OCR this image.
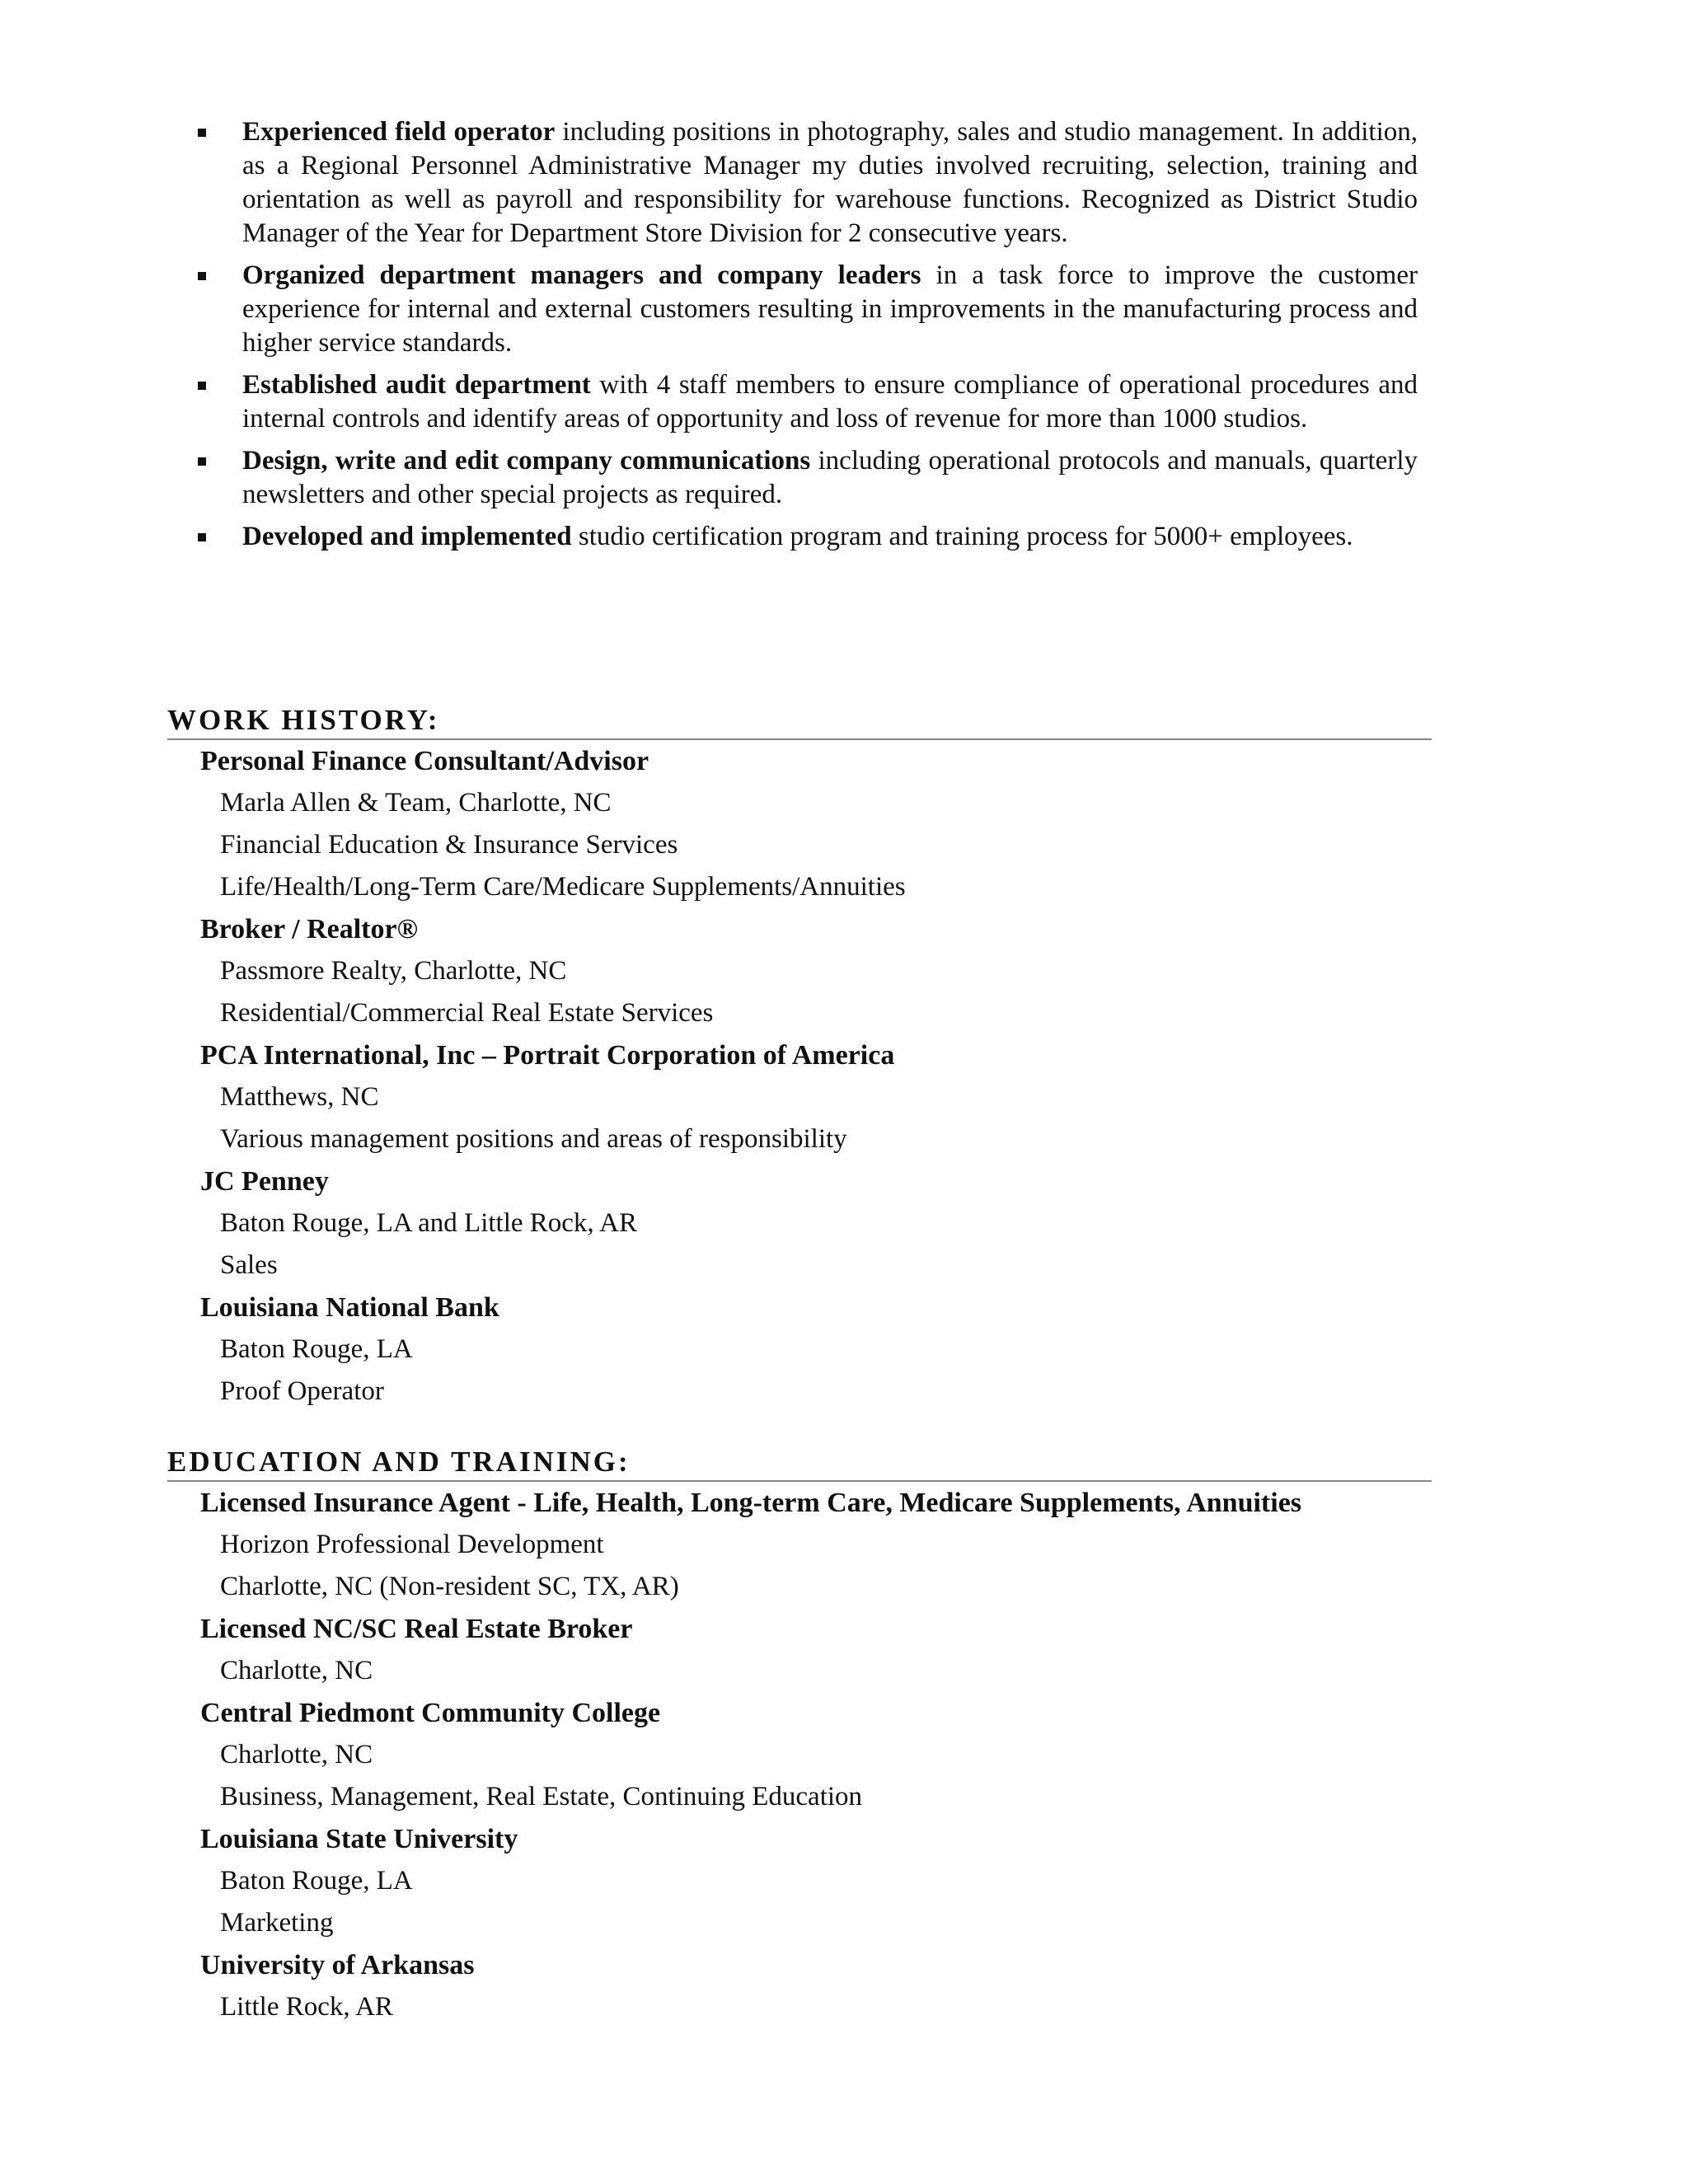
Experienced field operator including positions in photography, sales and studio management. In addition, as a Regional Personnel Administrative Manager my duties involved recruiting, selection, training and orientation as well as payroll and responsibility for warehouse functions. Recognized as District Studio Manager of the Year for Department Store Division for 2 consecutive years.
Organized department managers and company leaders in a task force to improve the customer experience for internal and external customers resulting in improvements in the manufacturing process and higher service standards.
Established audit department with 4 staff members to ensure compliance of operational procedures and internal controls and identify areas of opportunity and loss of revenue for more than 1000 studios.
Design, write and edit company communications including operational protocols and manuals, quarterly newsletters and other special projects as required.
Developed and implemented studio certification program and training process for 5000+ employees.
WORK HISTORY:

Personal Finance Consultant/Advisor

Marla Allen & Team, Charlotte, NC

Financial Education & Insurance Services

Life/Health/Long-Term Care/Medicare Supplements/Annuities

Broker / Realtor®

Passmore Realty, Charlotte, NC

Residential/Commercial Real Estate Services

PCA International, Inc – Portrait Corporation of America

Matthews, NC

Various management positions and areas of responsibility

JC Penney

Baton Rouge, LA and Little Rock, AR

Sales

Louisiana National Bank

Baton Rouge, LA

Proof Operator

EDUCATION AND TRAINING:

Licensed Insurance Agent - Life, Health, Long-term Care, Medicare Supplements, Annuities

Horizon Professional Development

Charlotte, NC (Non-resident SC, TX, AR)

Licensed NC/SC Real Estate Broker

Charlotte, NC

Central Piedmont Community College

Charlotte, NC

Business, Management, Real Estate, Continuing Education

Louisiana State University

Baton Rouge, LA

Marketing

University of Arkansas

Little Rock, AR
